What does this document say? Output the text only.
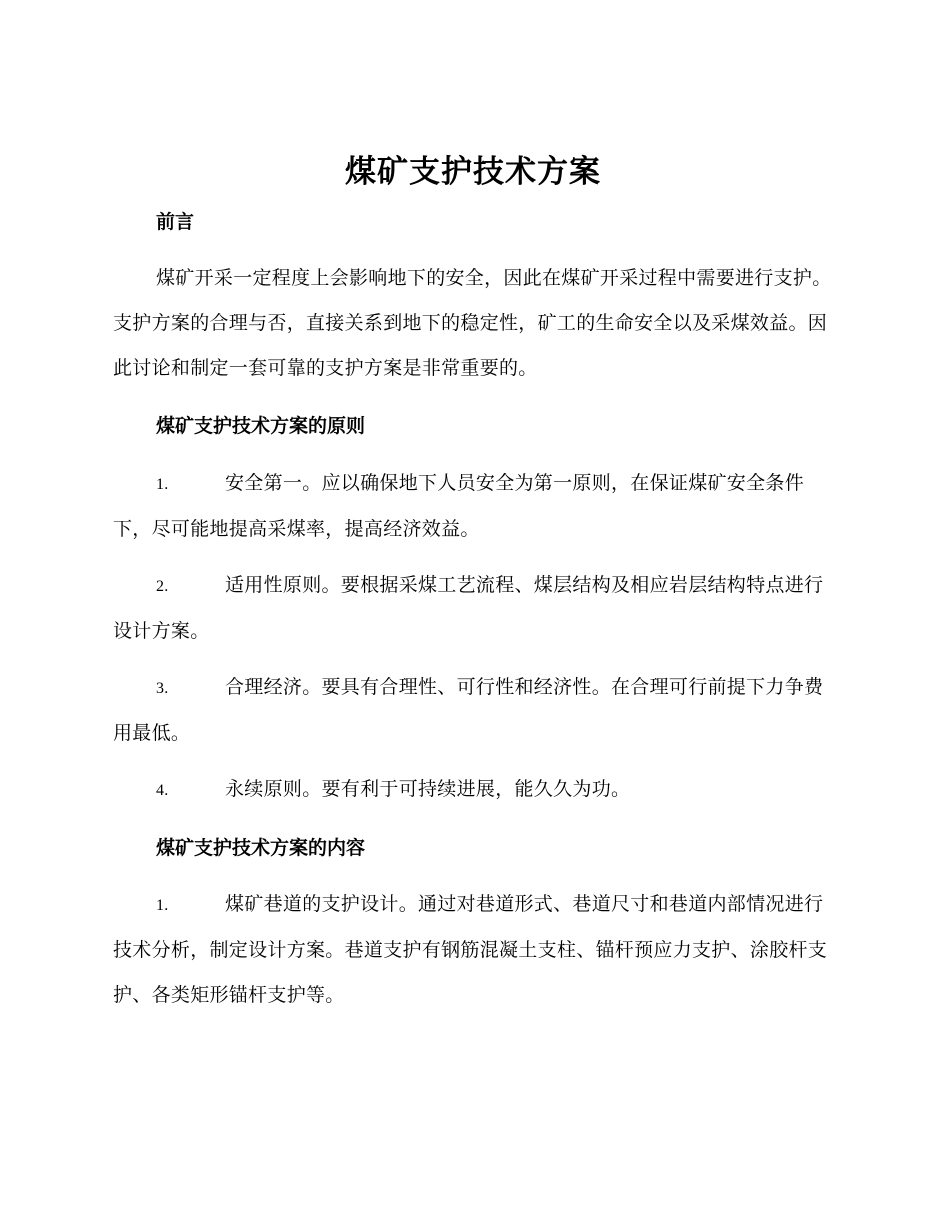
煤矿支护技术方案
前言

煤矿开采一定程度上会影响地下的安全，因此在煤矿开采过程中需要进行支护。支护方案的合理与否，直接关系到地下的稳定性，矿工的生命安全以及采煤效益。因此讨论和制定一套可靠的支护方案是非常重要的。

煤矿支护技术方案的原则

1.	安全第一。应以确保地下人员安全为第一原则，在保证煤矿安全条件下，尽可能地提高采煤率，提高经济效益。

2.	适用性原则。要根据采煤工艺流程、煤层结构及相应岩层结构特点进行设计方案。

3.	合理经济。要具有合理性、可行性和经济性。在合理可行前提下力争费用最低。

4.	永续原则。要有利于可持续进展，能久久为功。

煤矿支护技术方案的内容

1.	煤矿巷道的支护设计。通过对巷道形式、巷道尺寸和巷道内部情况进行技术分析，制定设计方案。巷道支护有钢筋混凝土支柱、锚杆预应力支护、涂胶杆支护、各类矩形锚杆支护等。
